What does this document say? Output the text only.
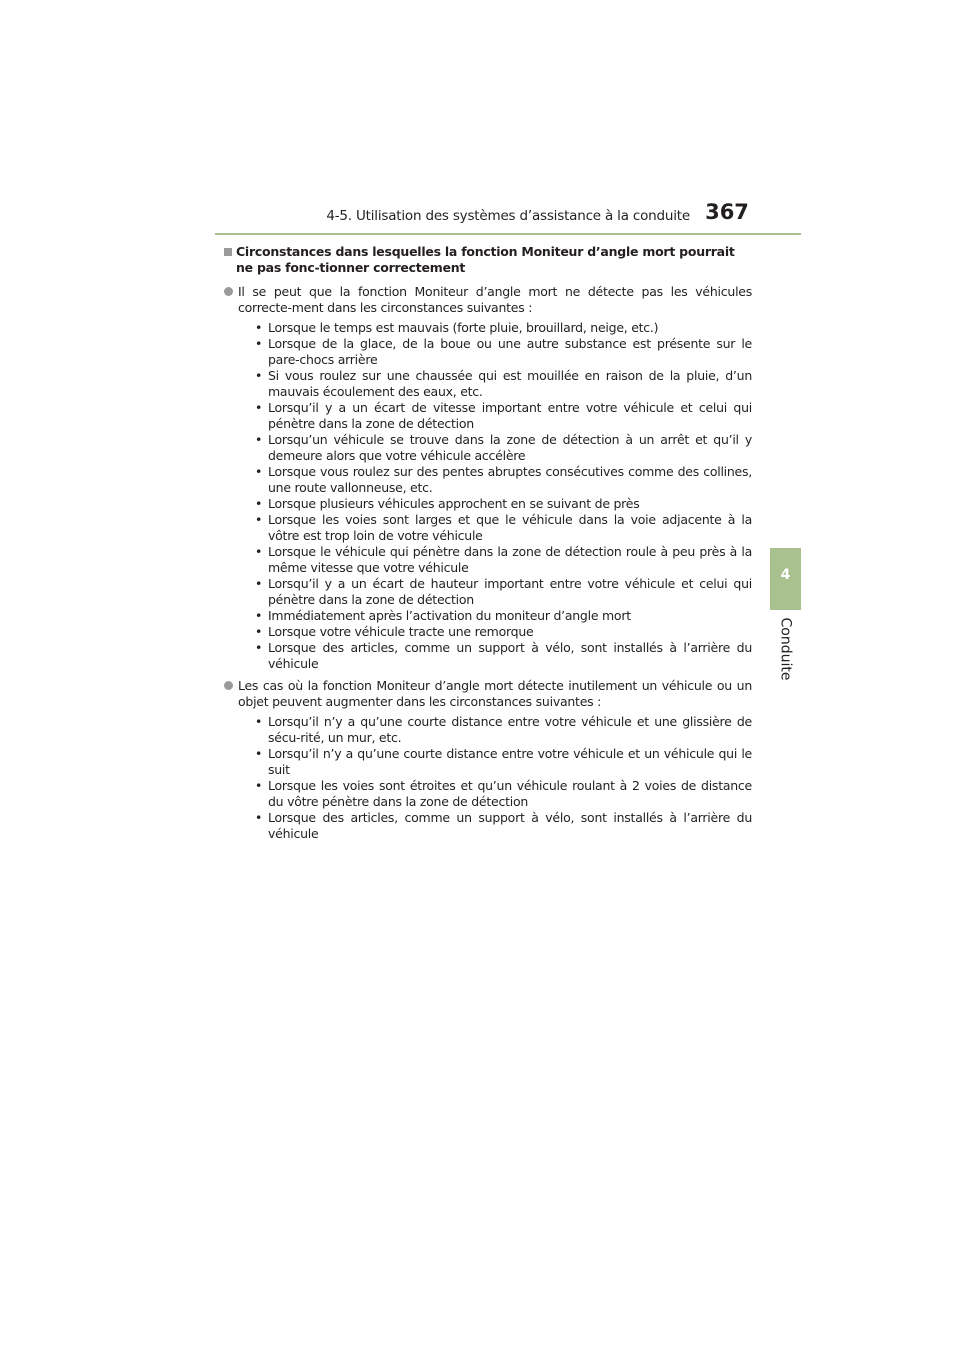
4-5. Utilisation des systèmes d’assistance à la conduite 367
4
Conduite
Circonstances dans lesquelles la fonction Moniteur d’angle mort pourrait ne pas fonc-tionner correctement
Il se peut que la fonction Moniteur d’angle mort ne détecte pas les véhicules correcte-ment dans les circonstances suivantes :
• Lorsque le temps est mauvais (forte pluie, brouillard, neige, etc.)
• Lorsque de la glace, de la boue ou une autre substance est présente sur le pare-chocs arrière
• Si vous roulez sur une chaussée qui est mouillée en raison de la pluie, d’un mauvais écoulement des eaux, etc.
• Lorsqu’il y a un écart de vitesse important entre votre véhicule et celui qui pénètre dans la zone de détection
• Lorsqu’un véhicule se trouve dans la zone de détection à un arrêt et qu’il y demeure alors que votre véhicule accélère
• Lorsque vous roulez sur des pentes abruptes consécutives comme des collines, une route vallonneuse, etc.
• Lorsque plusieurs véhicules approchent en se suivant de près
• Lorsque les voies sont larges et que le véhicule dans la voie adjacente à la vôtre est trop loin de votre véhicule
• Lorsque le véhicule qui pénètre dans la zone de détection roule à peu près à la même vitesse que votre véhicule
• Lorsqu’il y a un écart de hauteur important entre votre véhicule et celui qui pénètre dans la zone de détection
• Immédiatement après l’activation du moniteur d’angle mort
• Lorsque votre véhicule tracte une remorque
• Lorsque des articles, comme un support à vélo, sont installés à l’arrière du véhicule
Les cas où la fonction Moniteur d’angle mort détecte inutilement un véhicule ou un objet peuvent augmenter dans les circonstances suivantes :
• Lorsqu’il n’y a qu’une courte distance entre votre véhicule et une glissière de sécu-rité, un mur, etc.
• Lorsqu’il n’y a qu’une courte distance entre votre véhicule et un véhicule qui le suit
• Lorsque les voies sont étroites et qu’un véhicule roulant à 2 voies de distance du vôtre pénètre dans la zone de détection
• Lorsque des articles, comme un support à vélo, sont installés à l’arrière du véhicule
